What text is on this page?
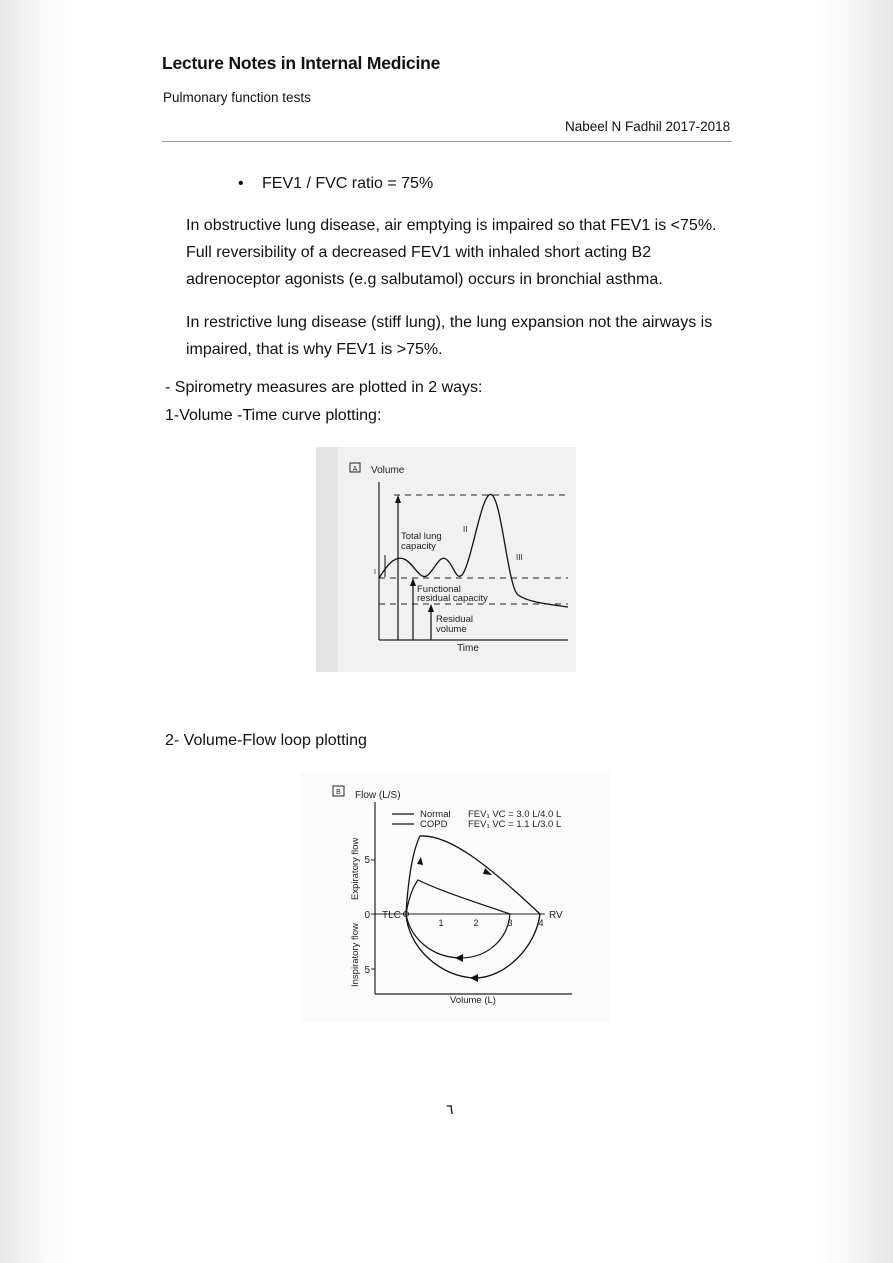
Lecture Notes in Internal Medicine
Pulmonary function tests
Nabeel N Fadhil 2017-2018
• FEV1 / FVC ratio = 75%
In obstructive lung disease, air emptying is impaired so that FEV1 is <75%. Full reversibility of a decreased FEV1 with inhaled short acting B2 adrenoceptor agonists (e.g salbutamol) occurs in bronchial asthma.
In restrictive lung disease (stiff lung), the lung expansion not the airways is impaired, that is why FEV1 is >75%.
- Spirometry measures are plotted in 2 ways:
1-Volume -Time curve plotting:
A Volume
Time
I
Total lung
capacity
II
III
Functional
residual capacity
Residual
volume
2- Volume-Flow loop plotting
B Flow (L/S)
Normal FEV₁ VC = 3.0 L/4.0 L
COPD FEV₁ VC = 1.1 L/3.0 L
Volume (L)
5
0
5
Expiratory flow
Inspiratory flow
TLC	RV
1	2	3	4
٦
